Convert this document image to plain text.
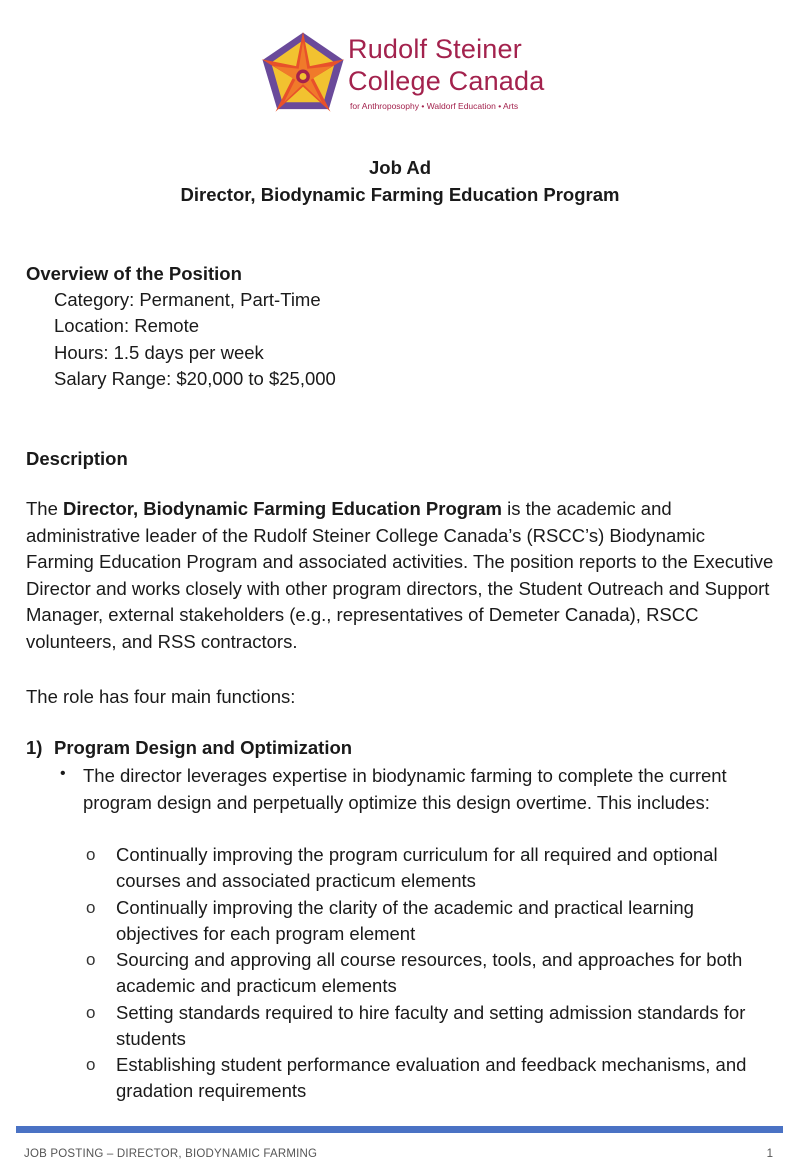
Rudolf Steiner
College Canada
for Anthroposophy • Waldorf Education • Arts
Job Ad
Director, Biodynamic Farming Education Program
Overview of the Position
Category: Permanent, Part-Time
Location: Remote
Hours: 1.5 days per week
Salary Range: $20,000 to $25,000
Description

The Director, Biodynamic Farming Education Program is the academic and administrative leader of the Rudolf Steiner College Canada’s (RSCC’s) Biodynamic Farming Education Program and associated activities. The position reports to the Executive Director and works closely with other program directors, the Student Outreach and Support Manager, external stakeholders (e.g., representatives of Demeter Canada), RSCC volunteers, and RSS contractors.

The role has four main functions:

1) Program Design and Optimization
• The director leverages expertise in biodynamic farming to complete the current program design and perpetually optimize this design overtime. This includes:

o Continually improving the program curriculum for all required and optional courses and associated practicum elements

o Continually improving the clarity of the academic and practical learning objectives for each program element

o Sourcing and approving all course resources, tools, and approaches for both academic and practicum elements

o Setting standards required to hire faculty and setting admission standards for students

o Establishing student performance evaluation and feedback mechanisms, and gradation requirements

JOB POSTING – DIRECTOR, BIODYNAMIC FARMING	1
